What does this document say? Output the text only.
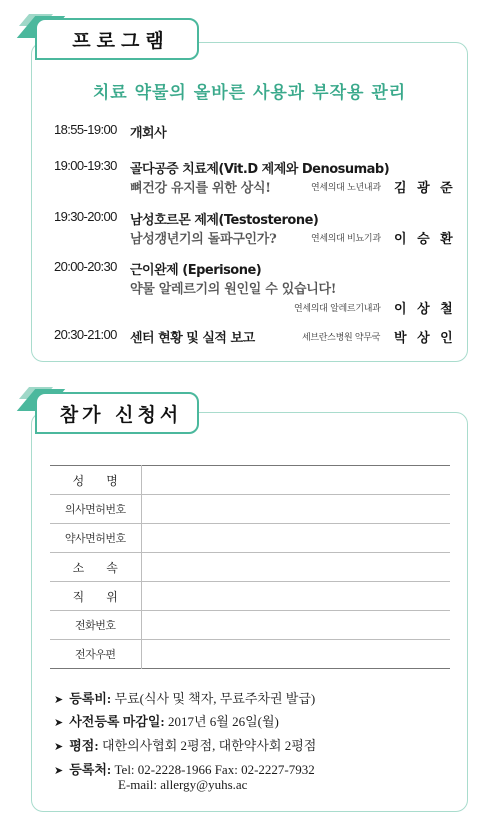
프로그램
치료 약물의 올바른 사용과 부작용 관리
18:55-19:00 개회사
19:00-19:30 골다공증 치료제(Vit.D 제제와 Denosumab)
뼈건강 유지를 위한 상식!	연세의대 노년내과 김 광 준
19:30-20:00 남성호르몬 제제(Testosterone)
남성갱년기의 돌파구인가?	연세의대 비뇨기과 이 승 환
20:00-20:30 근이완제 (Eperisone)
약물 알레르기의 원인일 수 있습니다!
연세의대 알레르기내과 이 상 철
20:30-21:00 센터 현황 및 실적 보고	세브란스병원 약무국 박 상 인
참가 신청서
성명	
의사면허번호	
약사면허번호	
소속	
직위	
전화번호	
전자우편	
➤ 등록비: 무료(식사 및 책자, 무료주차권 발급)
➤ 사전등록 마감일: 2017년 6월 26일(월)
➤ 평점: 대한의사협회 2평점, 대한약사회 2평점
➤ 등록처: Tel: 02-2228-1966 Fax: 02-2227-7932
E-mail: allergy@yuhs.ac
